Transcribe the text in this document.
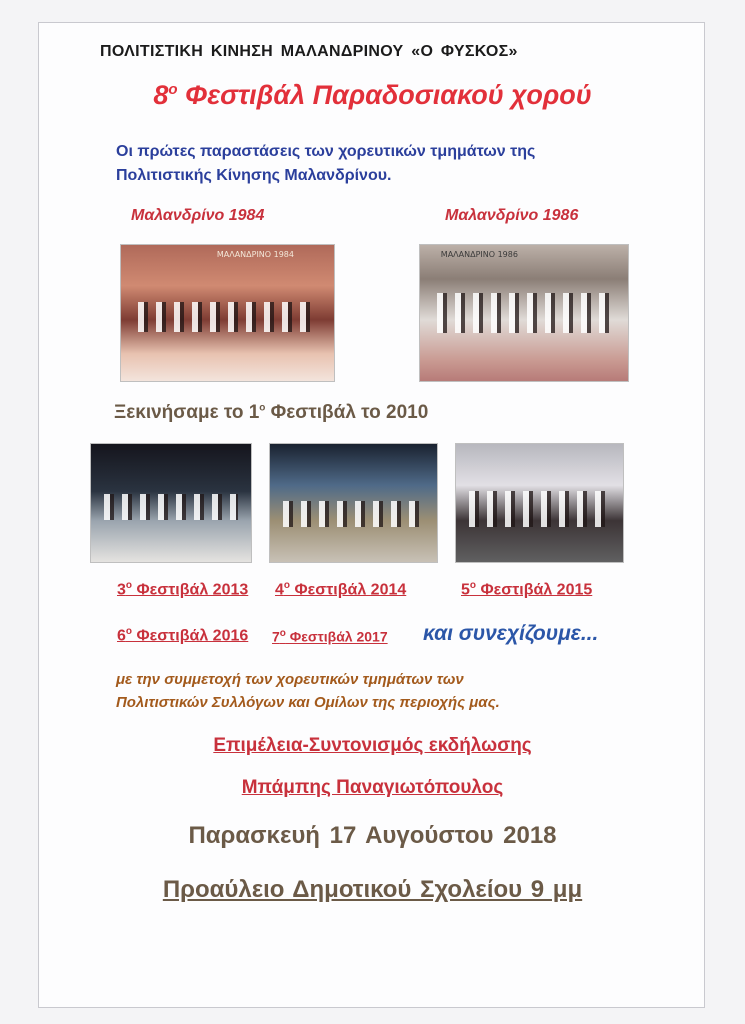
ΠΟΛΙΤΙΣΤΙΚΗ ΚΙΝΗΣΗ ΜΑΛΑΝΔΡΙΝΟΥ «Ο ΦΥΣΚΟΣ»
$8^o$ Φεστιβάλ Παραδοσιακού χορού
Οι πρώτες παραστάσεις των χορευτικών τμημάτων της
Πολιτιστικής Κίνησης Μαλανδρίνου.
Μαλανδρίνο 1984	Μαλανδρίνο 1986
ΜΑΛΑΝΔΡΙΝΟ 1984	ΜΑΛΑΝΔΡΙΝΟ 1986
Ξεκινήσαμε το $1^o$ Φεστιβάλ το 2010
$3^o$ Φεστιβάλ 2013 $4^o$ Φεστιβάλ 2014	$5^o$ Φεστιβάλ 2015
$6^o$ Φεστιβάλ 2016 $7^o$ Φεστιβάλ 2017 και συνεχίζουμε...
με την συμμετοχή των χορευτικών τμημάτων των
Πολιτιστικών Συλλόγων και Ομίλων της περιοχής μας.
Επιμέλεια-Συντονισμός εκδήλωσης
Μπάμπης Παναγιωτόπουλος
Παρασκευή 17 Αυγούστου 2018
Προαύλειο Δημοτικού Σχολείου 9 μμ
